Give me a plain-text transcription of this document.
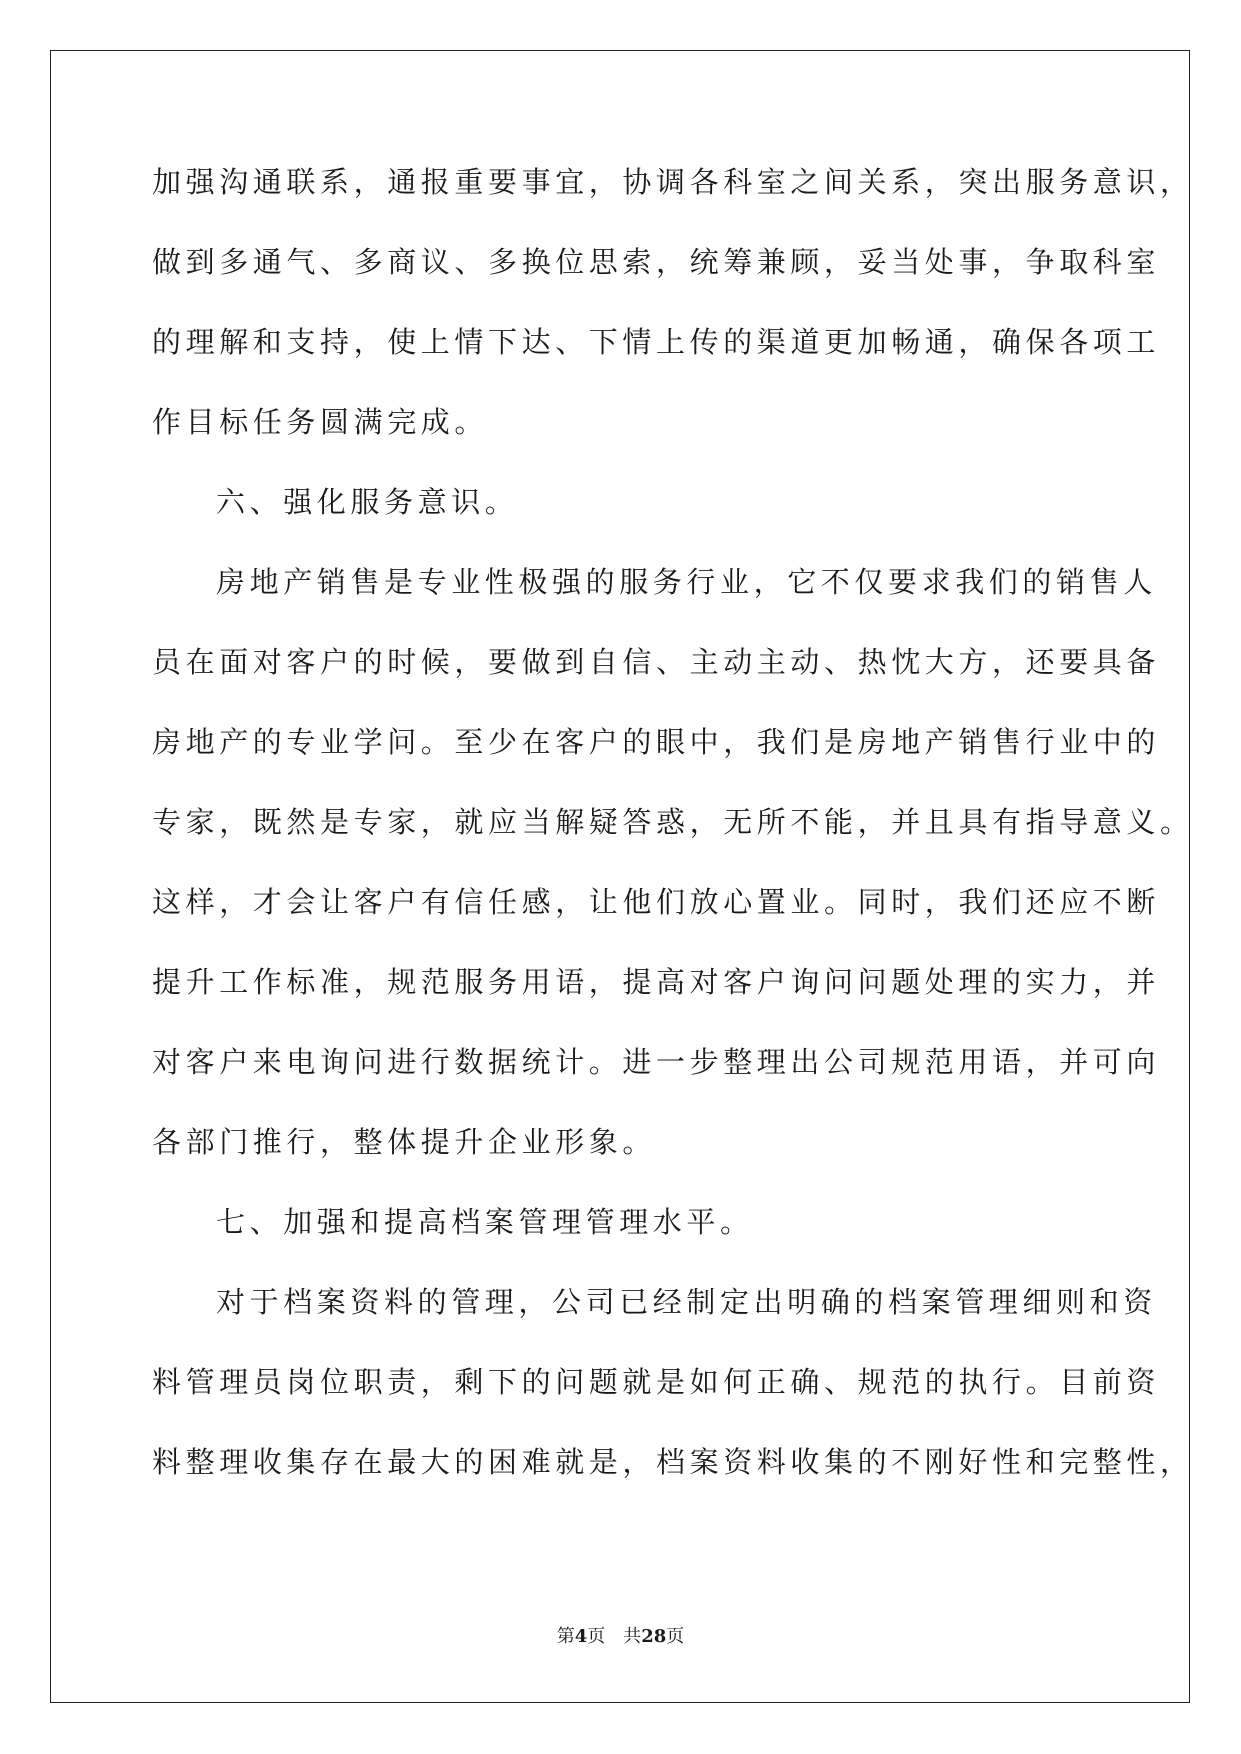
加强沟通联系，通报重要事宜，协调各科室之间关系，突出服务意识，
做到多通气、多商议、多换位思索，统筹兼顾，妥当处事，争取科室
的理解和支持，使上情下达、下情上传的渠道更加畅通，确保各项工
作目标任务圆满完成。
六、强化服务意识。
房地产销售是专业性极强的服务行业，它不仅要求我们的销售人
员在面对客户的时候，要做到自信、主动主动、热忱大方，还要具备
房地产的专业学问。至少在客户的眼中，我们是房地产销售行业中的
专家，既然是专家，就应当解疑答惑，无所不能，并且具有指导意义。
这样，才会让客户有信任感，让他们放心置业。同时，我们还应不断
提升工作标准，规范服务用语，提高对客户询问问题处理的实力，并
对客户来电询问进行数据统计。进一步整理出公司规范用语，并可向
各部门推行，整体提升企业形象。
七、加强和提高档案管理管理水平。
对于档案资料的管理，公司已经制定出明确的档案管理细则和资
料管理员岗位职责，剩下的问题就是如何正确、规范的执行。目前资
料整理收集存在最大的困难就是，档案资料收集的不刚好性和完整性，
第4页　共28页
